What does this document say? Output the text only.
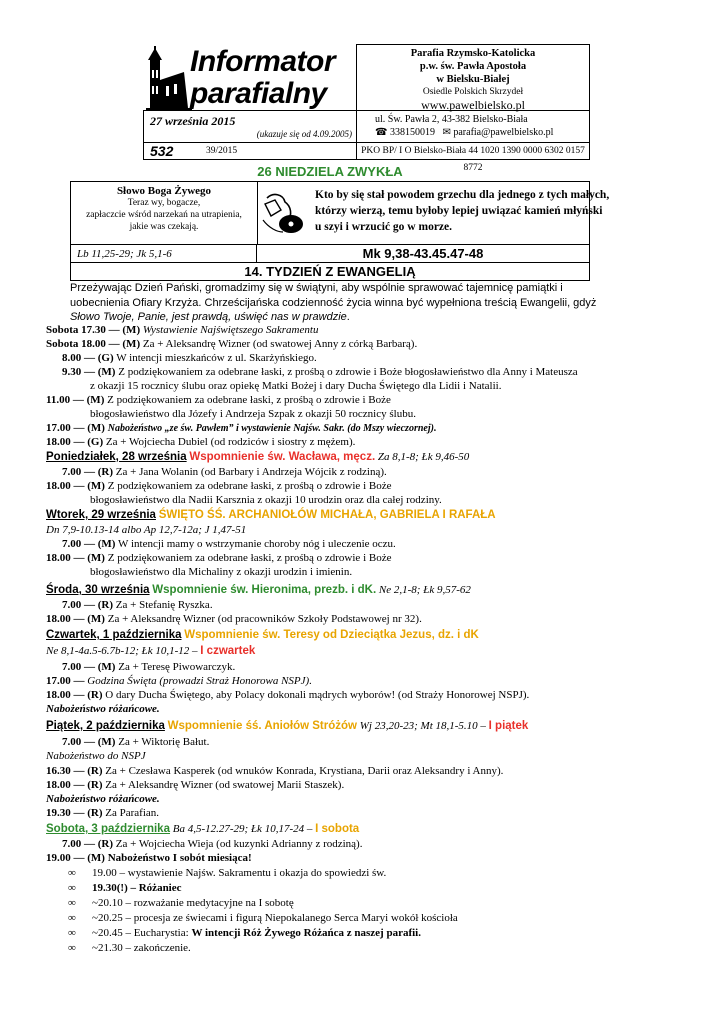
Informator
parafialny
Parafia Rzymsko-Katolicka
p.w. św. Pawła Apostoła
w Bielsku-Białej
Osiedle Polskich Skrzydeł
www.pawelbielsko.pl
ul. Św. Pawła 2, 43-382 Bielsko-Biała
☎ 338150019 ✉ parafia@pawelbielsko.pl
27 września 2015
(ukazuje się od 4.09.2005)
532	39/2015	PKO BP/ I O Bielsko-Biała 44 1020 1390 0000 6302 0157 8772
26 NIEDZIELA ZWYKŁA
Słowo Boga Żywego
Teraz wy, bogacze,
zapłaczcie wśród narzekań na utrapienia,
jakie was czekają.
Kto by się stał powodem grzechu dla jednego z tych małych,
którzy wierzą, temu byłoby lepiej uwiązać kamień młyński
u szyi i wrzucić go w morze.
Lb 11,25-29; Jk 5,1-6	Mk 9,38-43.45.47-48
14. TYDZIEŃ Z EWANGELIĄ
Przeżywając Dzień Pański, gromadzimy się w świątyni, aby wspólnie sprawować tajemnicę pamiątki i uobecnienia Ofiary Krzyża. Chrześcijańska codzienność życia winna być wypełniona treścią Ewangelii, gdyż Słowo Twoje, Panie, jest prawdą, uświęć nas w prawdzie.
Sobota 17.30 — (M) Wystawienie Najświętszego Sakramentu
Sobota 18.00 — (M) Za + Aleksandrę Wizner (od swatowej Anny z córką Barbarą).
8.00 — (G) W intencji mieszkańców z ul. Skarżyńskiego.
9.30 — (M) Z podziękowaniem za odebrane łaski, z prośbą o zdrowie i Boże błogosławieństwo dla Anny i Mateusza
z okazji 15 rocznicy ślubu oraz opiekę Matki Bożej i dary Ducha Świętego dla Lidii i Natalii.
11.00 — (M) Z podziękowaniem za odebrane łaski, z prośbą o zdrowie i Boże
błogosławieństwo dla Józefy i Andrzeja Szpak z okazji 50 rocznicy ślubu.
17.00 — (M) Nabożeństwo „ze św. Pawłem” i wystawienie Najśw. Sakr. (do Mszy wieczornej).
18.00 — (G) Za + Wojciecha Dubiel (od rodziców i siostry z mężem).
Poniedziałek, 28 września Wspomnienie św. Wacława, męcz. Za 8,1-8; Łk 9,46-50
7.00 — (R) Za + Jana Wolanin (od Barbary i Andrzeja Wójcik z rodziną).
18.00 — (M) Z podziękowaniem za odebrane łaski, z prośbą o zdrowie i Boże
błogosławieństwo dla Nadii Karsznia z okazji 10 urodzin oraz dla całej rodziny.
Wtorek, 29 września ŚWIĘTO ŚŚ. ARCHANIOŁÓW MICHAŁA, GABRIELA I RAFAŁA
Dn 7,9-10.13-14 albo Ap 12,7-12a; J 1,47-51
7.00 — (M) W intencji mamy o wstrzymanie choroby nóg i uleczenie oczu.
18.00 — (M) Z podziękowaniem za odebrane łaski, z prośbą o zdrowie i Boże
błogosławieństwo dla Michaliny z okazji urodzin i imienin.
Środa, 30 września Wspomnienie św. Hieronima, prezb. i dK. Ne 2,1-8; Łk 9,57-62
7.00 — (R) Za + Stefanię Ryszka.
18.00 — (M) Za + Aleksandrę Wizner (od pracowników Szkoły Podstawowej nr 32).
Czwartek, 1 października Wspomnienie św. Teresy od Dzieciątka Jezus, dz. i dK
Ne 8,1-4a.5-6.7b-12; Łk 10,1-12 – I czwartek
7.00 — (M) Za + Teresę Piwowarczyk.
17.00 — Godzina Święta (prowadzi Straż Honorowa NSPJ).
18.00 — (R) O dary Ducha Świętego, aby Polacy dokonali mądrych wyborów! (od Straży Honorowej NSPJ).
Nabożeństwo różańcowe.
Piątek, 2 października Wspomnienie śś. Aniołów Stróżów Wj 23,20-23; Mt 18,1-5.10 – I piątek
7.00 — (M) Za + Wiktorię Bałut.
Nabożeństwo do NSPJ
16.30 — (R) Za + Czesława Kasperek (od wnuków Konrada, Krystiana, Darii oraz Aleksandry i Anny).
18.00 — (R) Za + Aleksandrę Wizner (od swatowej Marii Staszek).
Nabożeństwo różańcowe.
19.30 — (R) Za Parafian.
Sobota, 3 października Ba 4,5-12.27-29; Łk 10,17-24 – I sobota
7.00 — (R) Za + Wojciecha Wieja (od kuzynki Adrianny z rodziną).
19.00 — (M) Nabożeństwo I sobót miesiąca!
∞ 19.00 – wystawienie Najśw. Sakramentu i okazja do spowiedzi św.
∞ 19.30(!) – Różaniec
∞ ~20.10 – rozważanie medytacyjne na I sobotę
∞ ~20.25 – procesja ze świecami i figurą Niepokalanego Serca Maryi wokół kościoła
∞ ~20.45 – Eucharystia: W intencji Róż Żywego Różańca z naszej parafii.
∞ ~21.30 – zakończenie.
